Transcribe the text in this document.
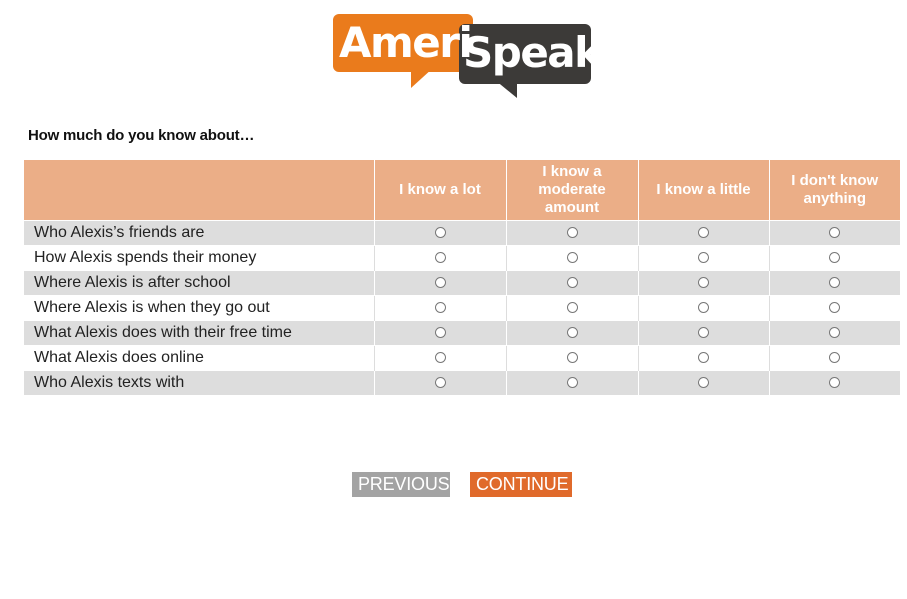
Ameri
Speak
How much do you know about…
	I know a lot	I know a moderate amount	I know a little	I don't know anything
Who Alexis’s friends are				
How Alexis spends their money				
Where Alexis is after school				
Where Alexis is when they go out				
What Alexis does with their free time				
What Alexis does online				
Who Alexis texts with				
PREVIOUS	CONTINUE
